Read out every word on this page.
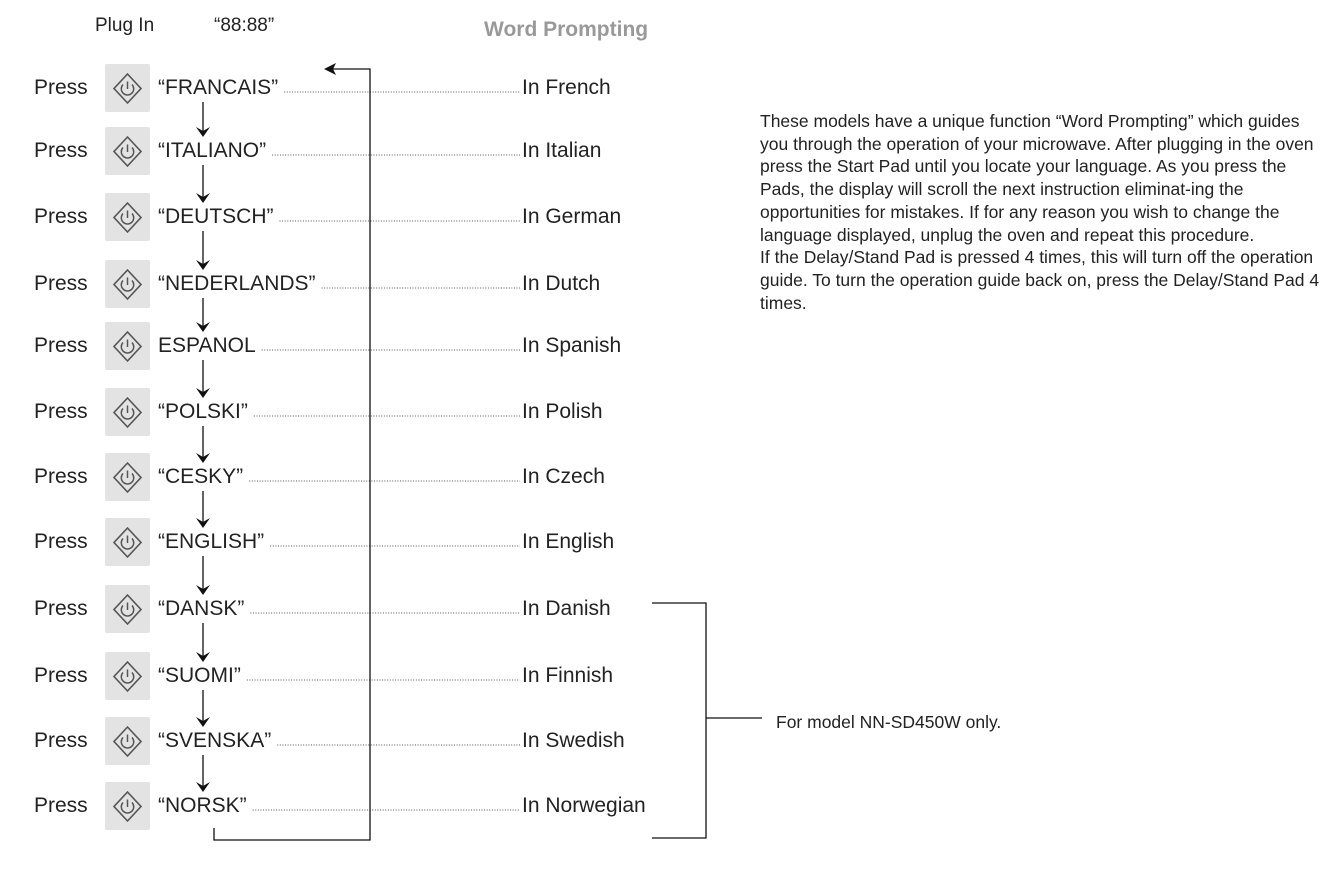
Plug In	“88:88”	Word Prompting
Press	“FRANCAIS”	In French
Press	“ITALIANO”	In Italian
Press	“DEUTSCH”	In German
Press	“NEDERLANDS”	In Dutch
Press	ESPANOL	In Spanish
Press	“POLSKI”	In Polish
Press	“CESKY”	In Czech
Press	“ENGLISH”	In English
Press	“DANSK”	In Danish
Press	“SUOMI”	In Finnish
Press	“SVENSKA”	In Swedish
Press	“NORSK”	In Norwegian

These models have a unique function “Word Prompting” which guides you through the operation of your microwave. After plugging in the oven press the Start Pad until you locate your language. As you press the Pads, the display will scroll the next instruction eliminat-ing the opportunities for mistakes. If for any reason you wish to change the language displayed, unplug the oven and repeat this procedure.

If the Delay/Stand Pad is pressed 4 times, this will turn off the operation guide. To turn the operation guide back on, press the Delay/Stand Pad 4 times.

For model NN-SD450W only.
